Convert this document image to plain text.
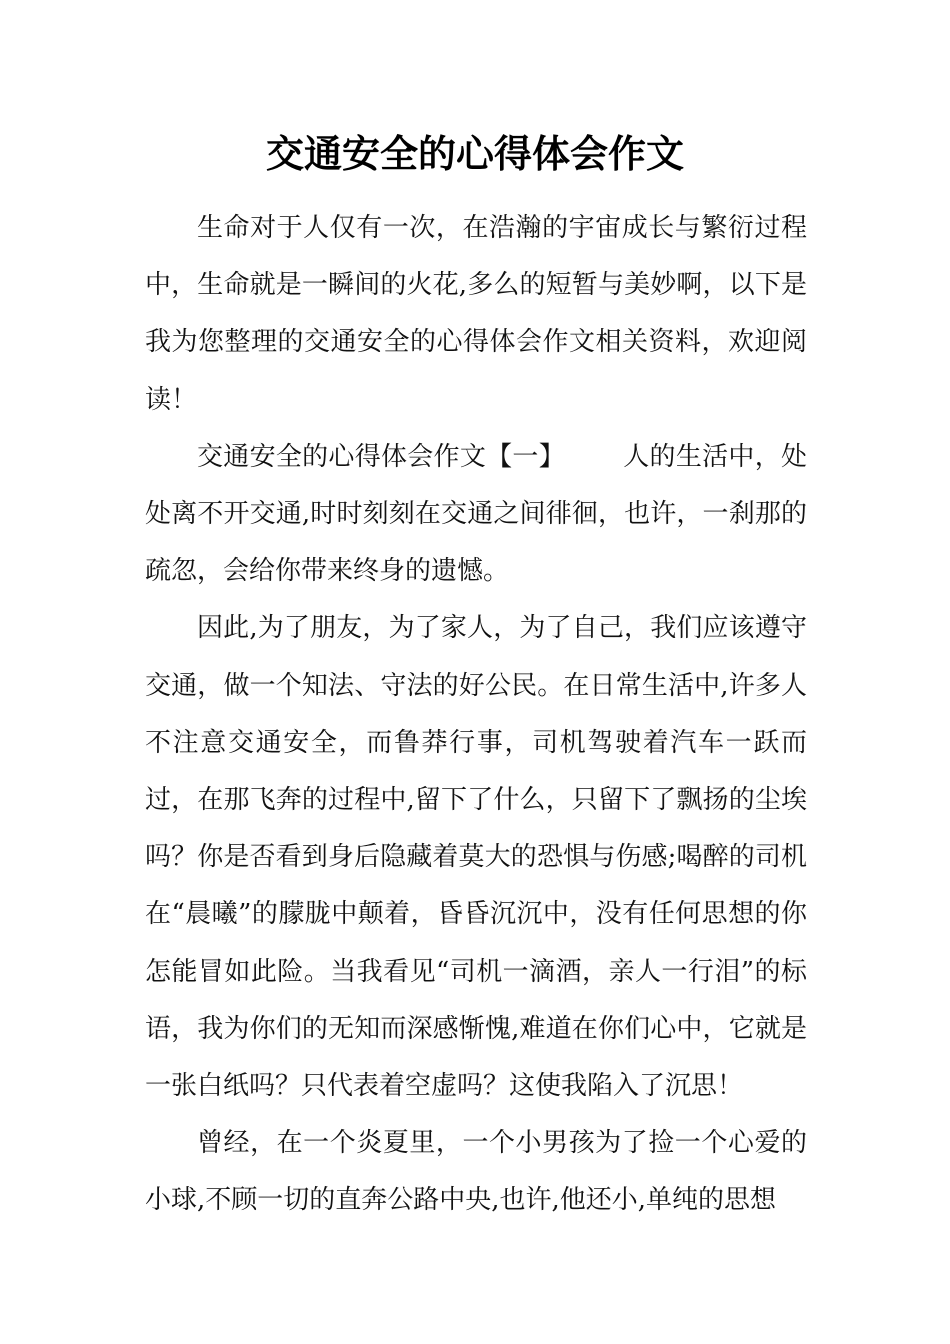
交通安全的心得体会作文

生命对于人仅有一次，在浩瀚的宇宙成长与繁衍过程中，生命就是一瞬间的火花,多么的短暂与美妙啊，以下是我为您整理的交通安全的心得体会作文相关资料，欢迎阅读！

交通安全的心得体会作文【一】 人的生活中，处处离不开交通,时时刻刻在交通之间徘徊，也许，一刹那的疏忽，会给你带来终身的遗憾。

因此,为了朋友，为了家人，为了自己，我们应该遵守交通，做一个知法、守法的好公民。在日常生活中,许多人不注意交通安全，而鲁莽行事，司机驾驶着汽车一跃而过，在那飞奔的过程中,留下了什么，只留下了飘扬的尘埃吗？你是否看到身后隐藏着莫大的恐惧与伤感;喝醉的司机在“晨曦”的朦胧中颠着，昏昏沉沉中，没有任何思想的你怎能冒如此险。当我看见“司机一滴酒，亲人一行泪”的标语，我为你们的无知而深感惭愧,难道在你们心中，它就是一张白纸吗？只代表着空虚吗？这使我陷入了沉思！

曾经，在一个炎夏里，一个小男孩为了捡一个心爱的小球,不顾一切的直奔公路中央,也许,他还小,单纯的思想
